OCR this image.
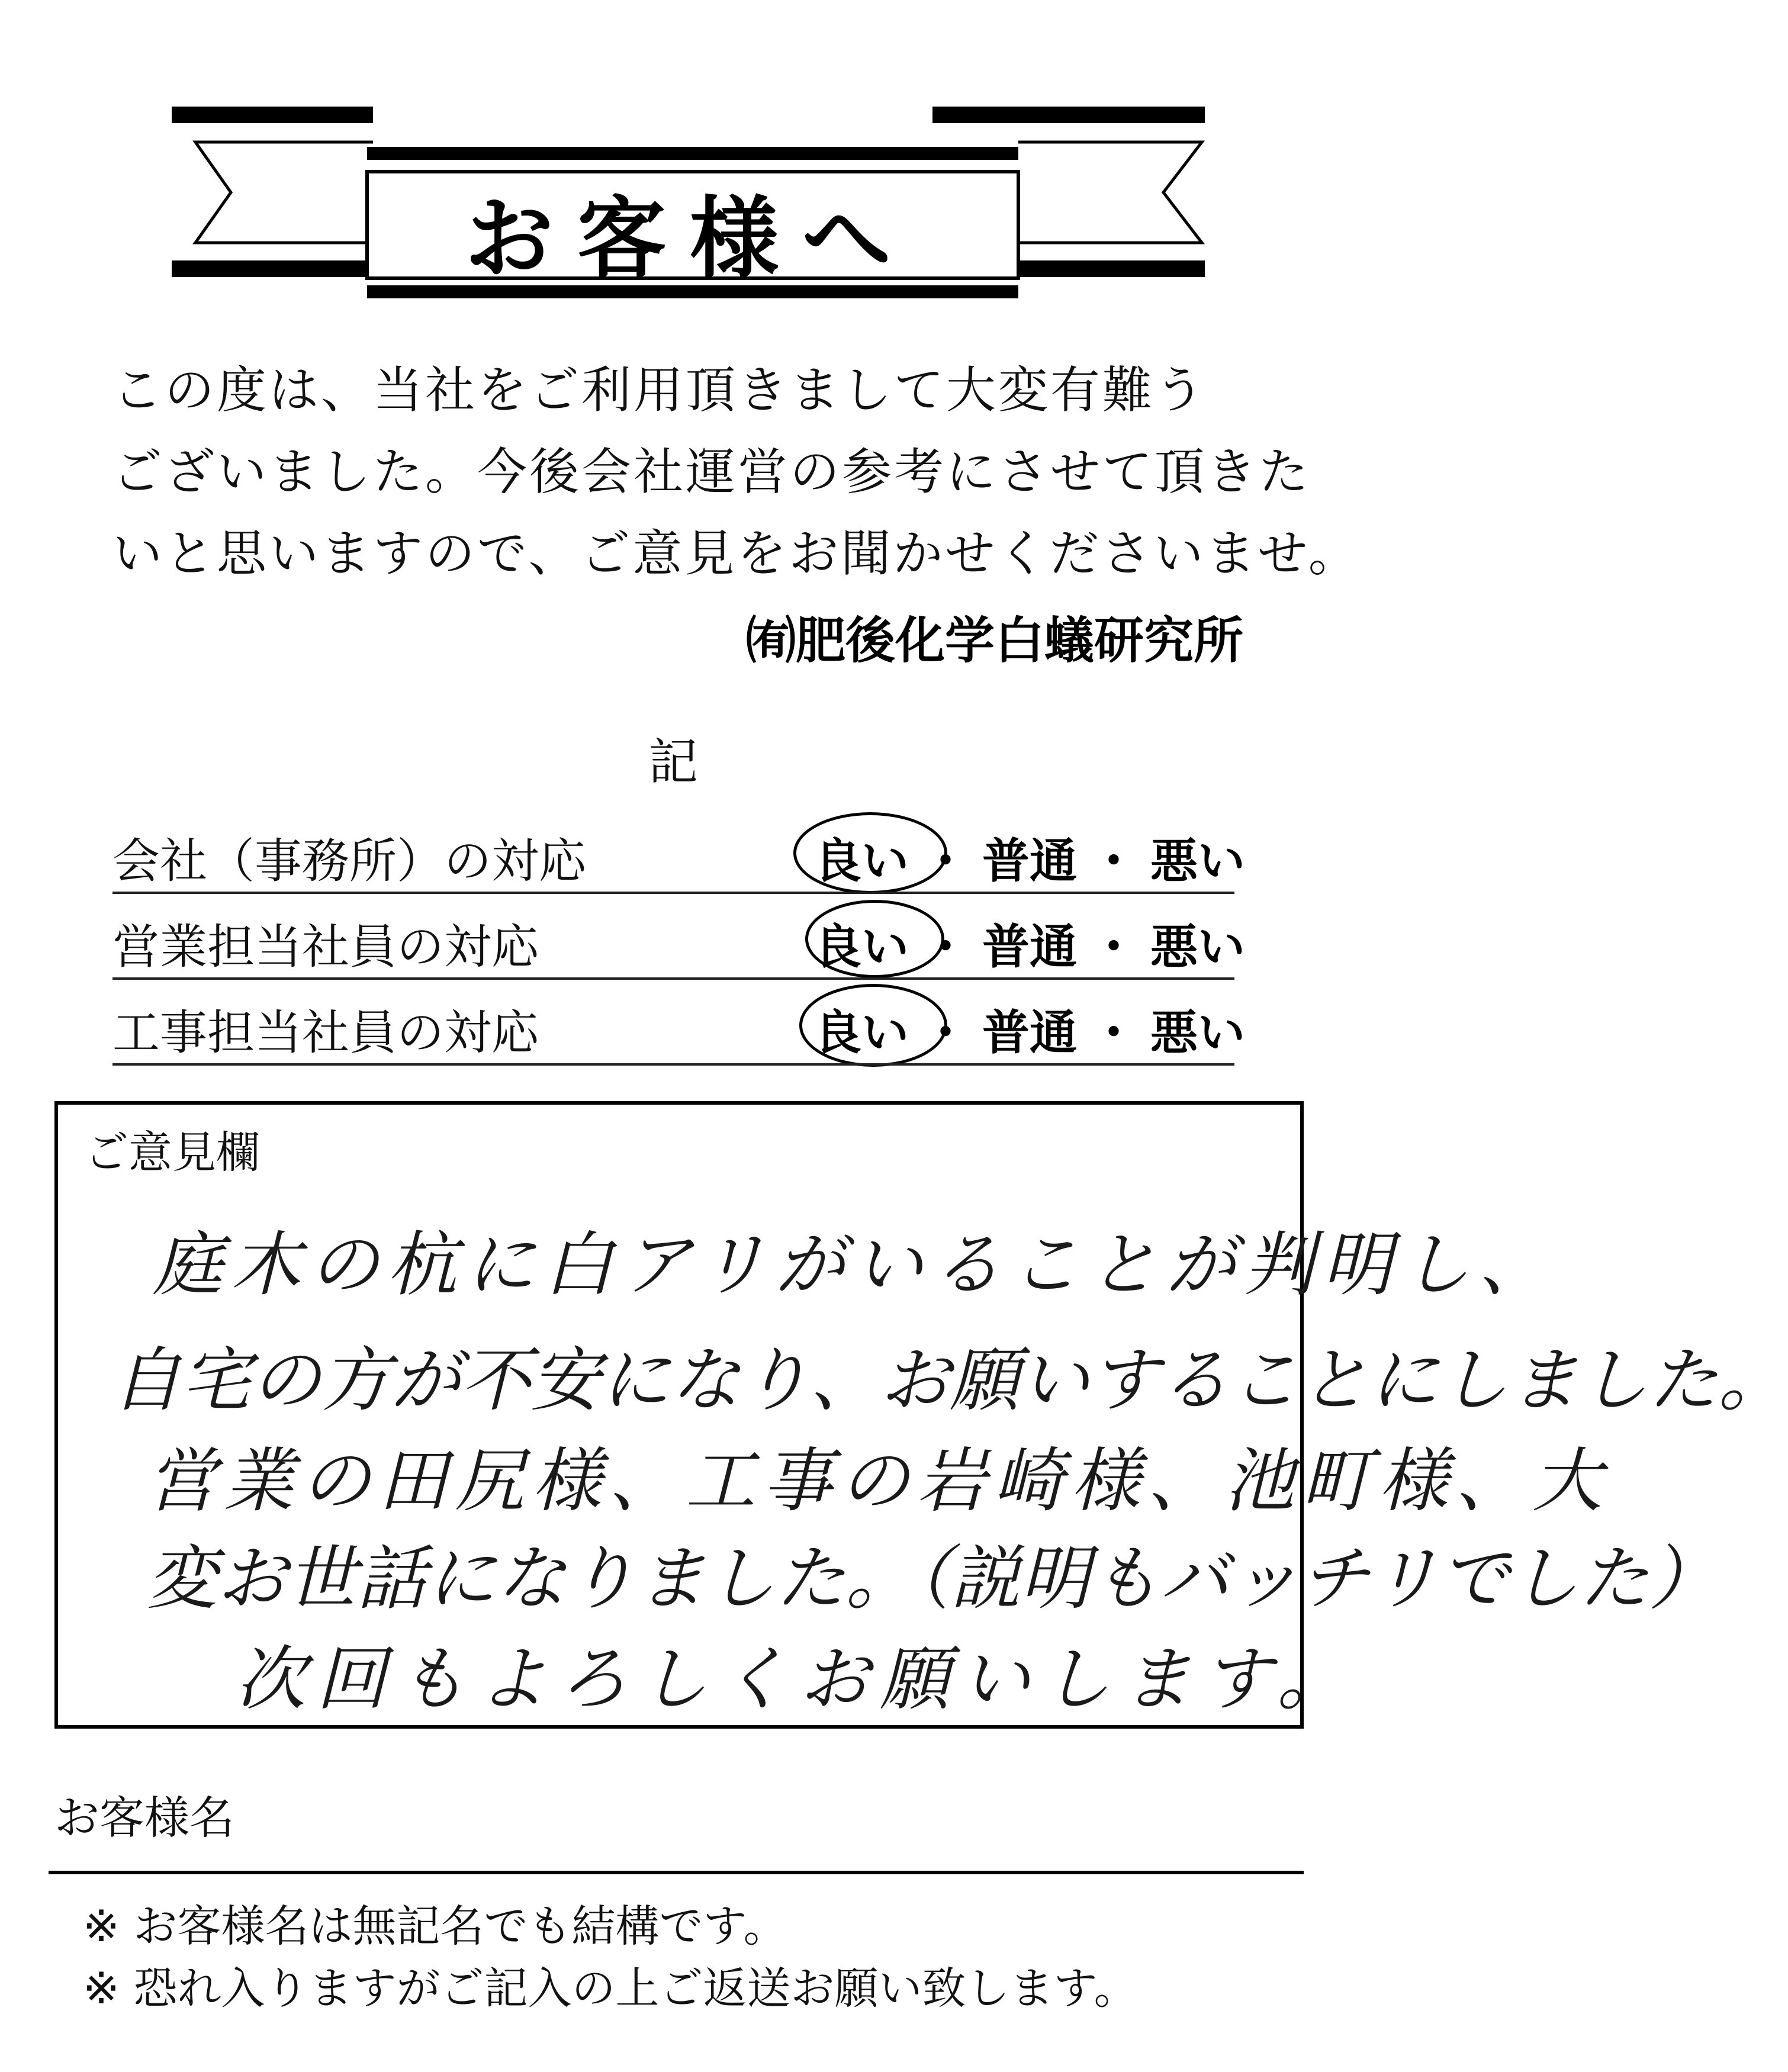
お客様へ
この度は、当社をご利用頂きまして大変有難う
ございました。今後会社運営の参考にさせて頂きた
いと思いますので、ご意見をお聞かせくださいませ。
㈲肥後化学白蟻研究所
記
会社（事務所）の対応	良い ・ 普通 ・ 悪い
営業担当社員の対応	良い ・ 普通 ・ 悪い
工事担当社員の対応	良い ・ 普通 ・ 悪い
ご意見欄
庭木の杭に白アリがいることが判明し、
自宅の方が不安になり、お願いすることにしました。
営業の田尻様、工事の岩崎様、池町様、大
変お世話になりました。（説明もバッチリでした）
次回もよろしくお願いします。
お客様名
※ お客様名は無記名でも結構です。
※ 恐れ入りますがご記入の上ご返送お願い致します。
